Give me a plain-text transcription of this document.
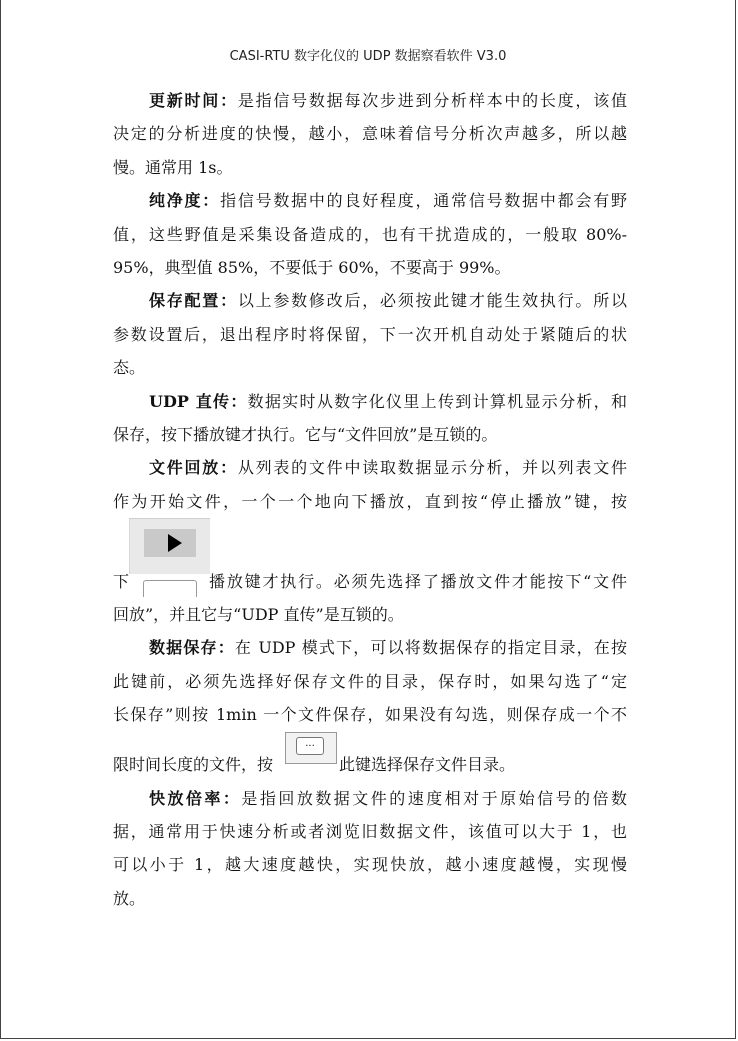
CASI-RTU 数字化仪的 UDP 数据察看软件 V3.0
更新时间：是指信号数据每次步进到分析样本中的长度，该值
决定的分析进度的快慢，越小，意味着信号分析次声越多，所以越
慢。通常用 1s。
纯净度：指信号数据中的良好程度，通常信号数据中都会有野
值，这些野值是采集设备造成的，也有干扰造成的，一般取 80%-
95%，典型值 85%，不要低于 60%，不要高于 99%。
保存配置：以上参数修改后，必须按此键才能生效执行。所以
参数设置后，退出程序时将保留，下一次开机自动处于紧随后的状
态。
UDP 直传：数据实时从数字化仪里上传到计算机显示分析，和
保存，按下播放键才执行。它与“文件回放”是互锁的。
文件回放：从列表的文件中读取数据显示分析，并以列表文件
作为开始文件，一个一个地向下播放，直到按“停止播放”键，按
下	播放键才执行。必须先选择了播放文件才能按下“文件
回放”，并且它与“UDP 直传”是互锁的。
数据保存：在 UDP 模式下，可以将数据保存的指定目录，在按
此键前，必须先选择好保存文件的目录，保存时，如果勾选了“定
长保存”则按 1min 一个文件保存，如果没有勾选，则保存成一个不
限时间长度的文件，按
...
此键选择保存文件目录。
快放倍率：是指回放数据文件的速度相对于原始信号的倍数
据，通常用于快速分析或者浏览旧数据文件，该值可以大于 1，也
可以小于 1，越大速度越快，实现快放，越小速度越慢，实现慢
放。
